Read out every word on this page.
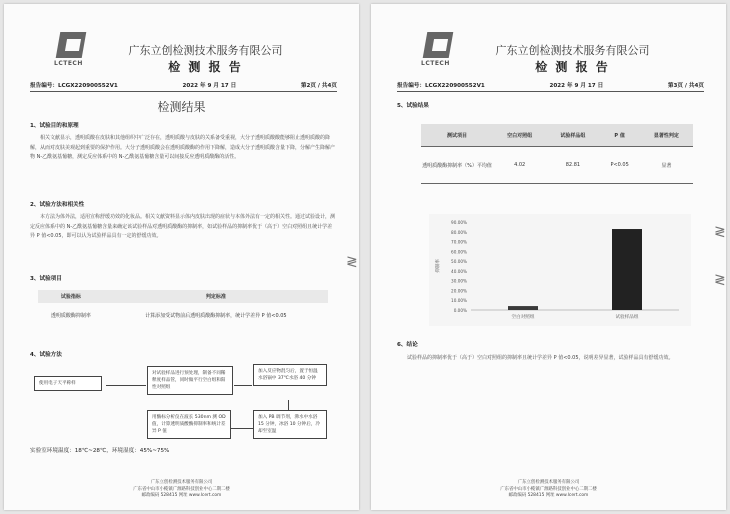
LCTECH
广东立创检测技术服务有限公司
检 测 报 告
报告编号：LCGX220900552V1	2022 年 9 月 17 日	第2页 / 共4页
检测结果
1、试验目的和原理
相关文献显示，透明质酸在皮肤和其他组织中广泛存在，透明质酸与皮肤的关系备受重视，大分子透明质酸酸能够阻止透明质酸的降解，从而对皮肤美观起到重要的保护作用。大分子透明质酸会在透明质酸酶的作用下降解，造成大分子透明质酸含量下降，分解产生降解产物 N-乙酰氨基葡糖，测定反应体系中的 N-乙酰氨基葡糖含量可以间接反应透明质酸酶的活性。
2、试验方法和相关性
本方法为体外法，适用宣称舒缓功效的化妆品。相关文献资料显示体内皮肤出现的症状与本体外法有一定的相关性。通过试验设计，测定反应体系中的 N-乙酰氨基葡糖含量来确定该试验样品对透明质酸酶的抑制率，如试验样品的抑制率优于（高于）空白对照组且统计学差异 P 值<0.05，即可以认为试验样品具有一定的舒缓功效。
3、试验项目
试验指标	判定标准
透明质酸酶抑制率	计算添加受试物前后透明质酸酶抑制率，统计学差异 P 值<0.05
4、试验方法
使用电子天平称样
对试验样品进行预处理，制备不同稀释度样品管，同时做平行空白组和阳性对照组
加入反应物混匀后，置于恒温水浴锅中 37℃水浴 40 分钟
加入 PB 调节剂，沸水中水浴 15 分钟，冰浴 10 分钟后，冷却至室温
用酶标分析仪在波长 530nm 测 OD 值，计算透明质酸酶抑制率和统计差异 P 值
实验室环境温度：18℃~28℃，环境湿度：45%~75%
广东立创检测技术服务有限公司
广东省中山市小榄镇广源路科技创业中心二期二楼
邮政编码 528415 网址 www.lcert.com
≷
LCTECH
广东立创检测技术服务有限公司
检 测 报 告
报告编号：LCGX220900552V1	2022 年 9 月 17 日	第3页 / 共4页
5、试验结果
测试项目	空白对照组	试验样品组	P 值	显著性判定
透明质酸酶抑制率（%）平均值	4.02	82.81	P<0.05	显著
0.00%
10.00%
20.00%
30.00%
40.00%
50.00%
60.00%
70.00%
80.00%
90.00%
抑制率
空白对照组	试验样品组
6、结论
试验样品的抑制率优于（高于）空白对照组的抑制率且统计学差异 P 值<0.05，说明差异显著，试验样品具有舒缓功效。
广东立创检测技术服务有限公司
广东省中山市小榄镇广源路科技创业中心二期二楼
邮政编码 528415 网址 www.lcert.com
≷
≷
